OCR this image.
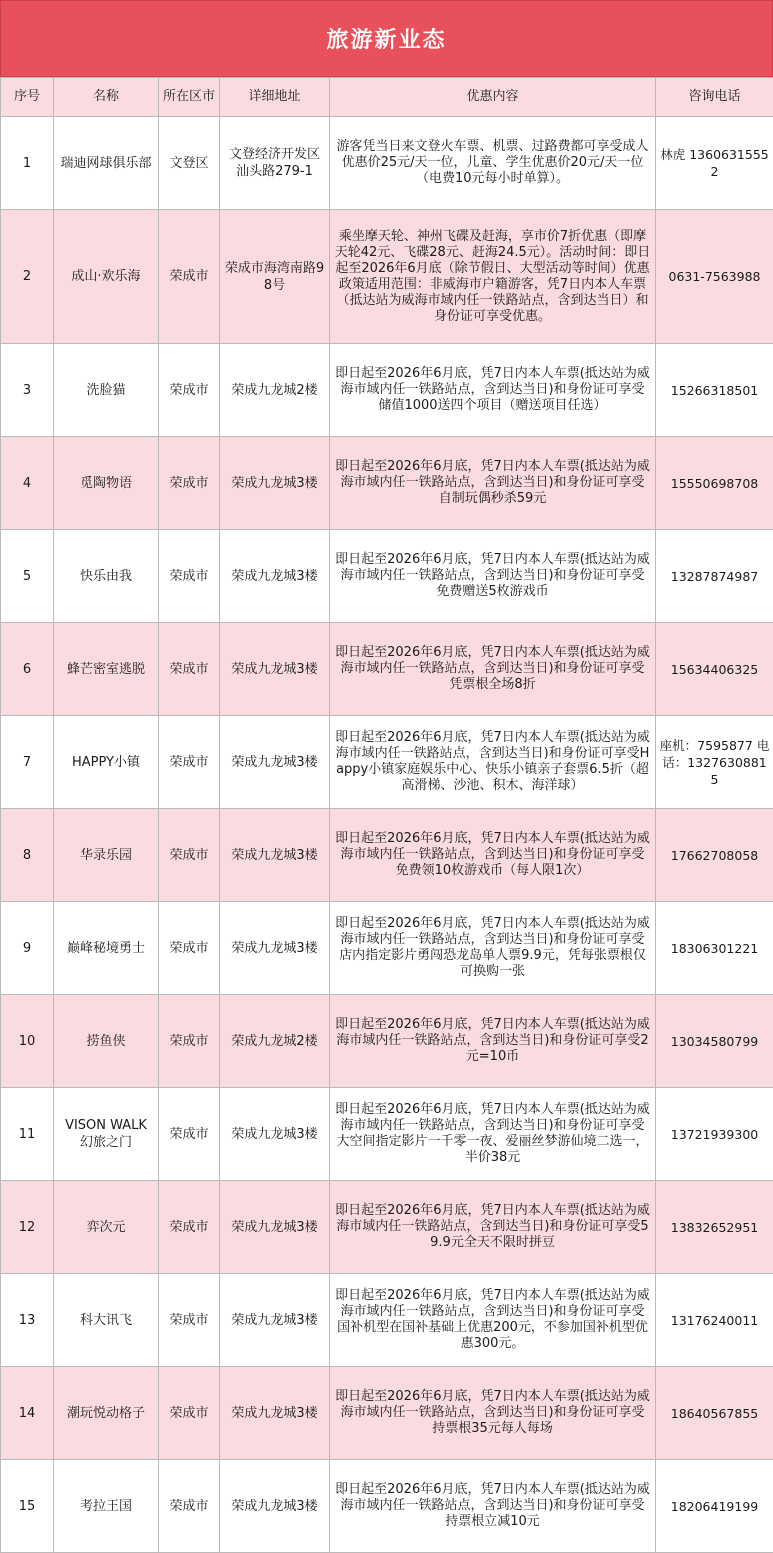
旅游新业态
序号	名称	所在区市	详细地址	优惠内容	咨询电话
1	瑞迪网球俱乐部	文登区	文登经济开发区汕头路279-1	游客凭当日来文登火车票、机票、过路费都可享受成人优惠价25元/天一位，儿童、学生优惠价20元/天一位（电费10元每小时单算）。	林虎 13606315552
2	成山·欢乐海	荣成市	荣成市海湾南路98号	乘坐摩天轮、神州飞碟及赶海，享市价7折优惠（即摩天轮42元、飞碟28元、赶海24.5元）。活动时间：即日起至2026年6月底（除节假日、大型活动等时间）优惠政策适用范围：非威海市户籍游客，凭7日内本人车票（抵达站为威海市域内任一铁路站点，含到达当日）和身份证可享受优惠。	0631-7563988
3	洗脸猫	荣成市	荣成九龙城2楼	即日起至2026年6月底，凭7日内本人车票(抵达站为威海市域内任一铁路站点，含到达当日)和身份证可享受储值1000送四个项目（赠送项目任选）	15266318501
4	觅陶物语	荣成市	荣成九龙城3楼	即日起至2026年6月底，凭7日内本人车票(抵达站为威海市域内任一铁路站点，含到达当日)和身份证可享受自制玩偶秒杀59元	15550698708
5	快乐由我	荣成市	荣成九龙城3楼	即日起至2026年6月底，凭7日内本人车票(抵达站为威海市域内任一铁路站点，含到达当日)和身份证可享受免费赠送5枚游戏币	13287874987
6	蜂芒密室逃脱	荣成市	荣成九龙城3楼	即日起至2026年6月底，凭7日内本人车票(抵达站为威海市域内任一铁路站点，含到达当日)和身份证可享受凭票根全场8折	15634406325
7	HAPPY小镇	荣成市	荣成九龙城3楼	即日起至2026年6月底，凭7日内本人车票(抵达站为威海市域内任一铁路站点，含到达当日)和身份证可享受Happy小镇家庭娱乐中心、快乐小镇亲子套票6.5折（超高滑梯、沙池、积木、海洋球）	座机：7595877 电话：13276308815
8	华录乐园	荣成市	荣成九龙城3楼	即日起至2026年6月底，凭7日内本人车票(抵达站为威海市域内任一铁路站点，含到达当日)和身份证可享受免费领10枚游戏币（每人限1次）	17662708058
9	巅峰秘境勇士	荣成市	荣成九龙城3楼	即日起至2026年6月底，凭7日内本人车票(抵达站为威海市域内任一铁路站点，含到达当日)和身份证可享受店内指定影片勇闯恐龙岛单人票9.9元，凭每张票根仅可换购一张	18306301221
10	捞鱼侠	荣成市	荣成九龙城2楼	即日起至2026年6月底，凭7日内本人车票(抵达站为威海市域内任一铁路站点，含到达当日)和身份证可享受2元=10币	13034580799
11	VISON WALK 幻旅之门	荣成市	荣成九龙城3楼	即日起至2026年6月底，凭7日内本人车票(抵达站为威海市域内任一铁路站点，含到达当日)和身份证可享受大空间指定影片一千零一夜、爱丽丝梦游仙境二选一，半价38元	13721939300
12	弈次元	荣成市	荣成九龙城3楼	即日起至2026年6月底，凭7日内本人车票(抵达站为威海市域内任一铁路站点，含到达当日)和身份证可享受59.9元全天不限时拼豆	13832652951
13	科大讯飞	荣成市	荣成九龙城3楼	即日起至2026年6月底，凭7日内本人车票(抵达站为威海市域内任一铁路站点，含到达当日)和身份证可享受国补机型在国补基础上优惠200元，不参加国补机型优惠300元。	13176240011
14	潮玩悦动格子	荣成市	荣成九龙城3楼	即日起至2026年6月底，凭7日内本人车票(抵达站为威海市域内任一铁路站点，含到达当日)和身份证可享受持票根35元每人每场	18640567855
15	考拉王国	荣成市	荣成九龙城3楼	即日起至2026年6月底，凭7日内本人车票(抵达站为威海市域内任一铁路站点，含到达当日)和身份证可享受持票根立减10元	18206419199
